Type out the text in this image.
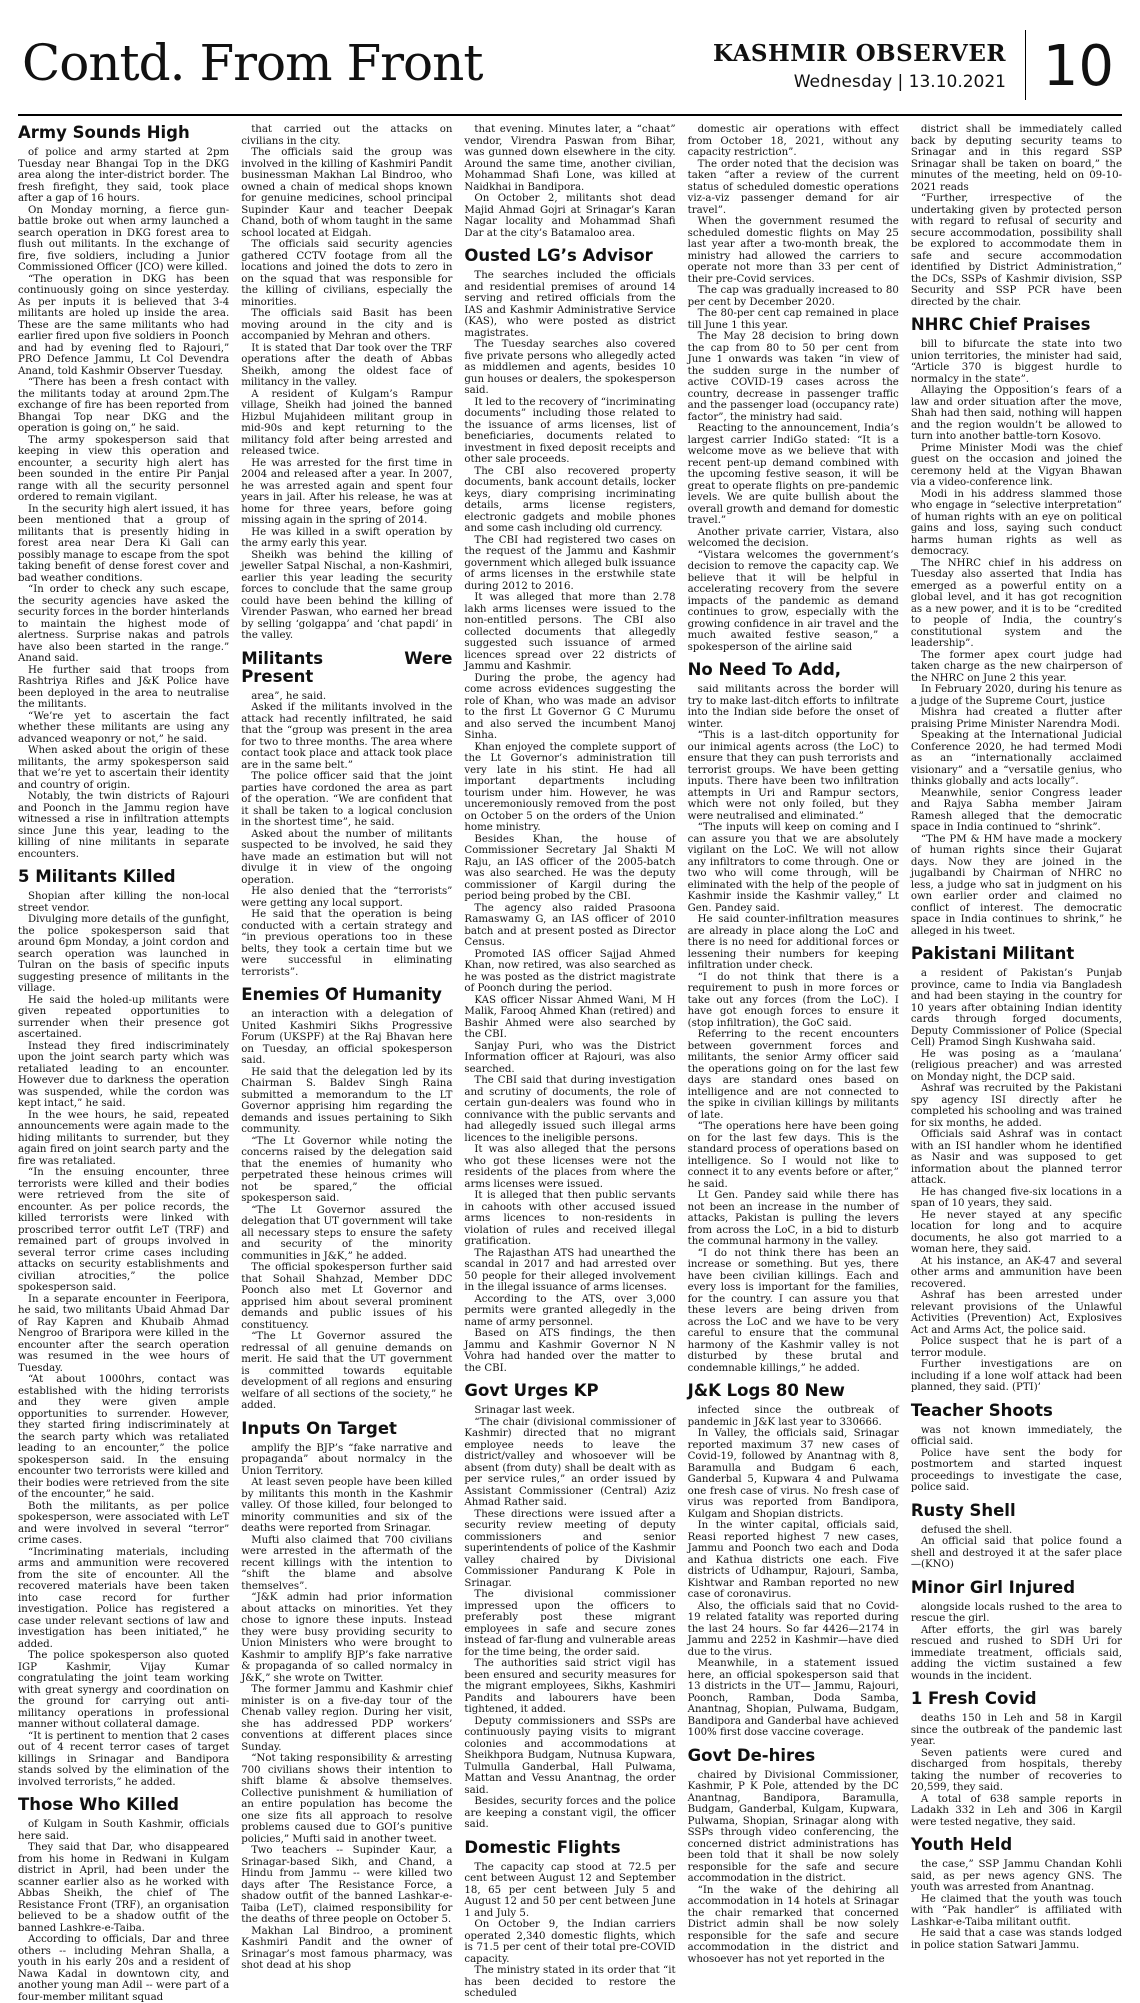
Contd. From Front	KASHMIR OBSERVER
Wednesday | 13.10.2021 10
Army Sounds High

of police and army started at 2pm Tuesday near Bhangai Top in the DKG area along the inter-district border. The fresh firefight, they said, took place after a gap of 16 hours.

On Monday morning, a fierce gun-battle broke out when army launched a search operation in DKG forest area to flush out militants. In the exchange of fire, five soldiers, including a Junior Commissioned Officer (JCO) were killed.

“The operation in DKG has been continuously going on since yesterday. As per inputs it is believed that 3-4 militants are holed up inside the area. These are the same militants who had earlier fired upon five soldiers in Poonch and had by evening fled to Rajouri,” PRO Defence Jammu, Lt Col Devendra Anand, told Kashmir Observer Tuesday.

“There has been a fresh contact with the militants today at around 2pm.The exchange of fire has been reported from Bhangai Top near DKG and the operation is going on,” he said.

The army spokesperson said that keeping in view this operation and encounter, a security high alert has been sounded in the entire Pir Panjal range with all the security personnel ordered to remain vigilant.

In the security high alert issued, it has been mentioned that a group of militants that is presently hiding in forest area near Dera Ki Gali can possibly manage to escape from the spot taking benefit of dense forest cover and bad weather conditions.

“In order to check any such escape, the security agencies have asked the security forces in the border hinterlands to maintain the highest mode of alertness. Surprise nakas and patrols have also been started in the range.” Anand said.

He further said that troops from Rashtriya Rifles and J&K Police have been deployed in the area to neutralise the militants.

“We’re yet to ascertain the fact whether these militants are using any advanced weaponry or not,” he said.

When asked about the origin of these militants, the army spokesperson said that we’re yet to ascertain their identity and country of origin.

Notably, the twin districts of Rajouri and Poonch in the Jammu region have witnessed a rise in infiltration attempts since June this year, leading to the killing of nine militants in separate encounters.

5 Militants Killed

Shopian after killing the non-local street vendor.

Divulging more details of the gunfight, the police spokesperson said that around 6pm Monday, a joint cordon and search operation was launched in Tulran on the basis of specific inputs suggesting presence of militants in the village.

He said the holed-up militants were given repeated opportunities to surrender when their presence got ascertained.

Instead they fired indiscriminately upon the joint search party which was retaliated leading to an encounter. However due to darkness the operation was suspended, while the cordon was kept intact,” he said.

In the wee hours, he said, repeated announcements were again made to the hiding militants to surrender, but they again fired on joint search party and the fire was retaliated.

“In the ensuing encounter, three terrorists were killed and their bodies were retrieved from the site of encounter. As per police records, the killed terrorists were linked with proscribed terror outfit LeT (TRF) and remained part of groups involved in several terror crime cases including attacks on security establishments and civilian atrocities,” the police spokesperson said.

In a separate encounter in Feeripora, he said, two militants Ubaid Ahmad Dar of Ray Kapren and Khubaib Ahmad Nengroo of Braripora were killed in the encounter after the search operation was resumed in the wee hours of Tuesday.

“At about 1000hrs, contact was established with the hiding terrorists and they were given ample opportunities to surrender. However, they started firing indiscriminately at the search party which was retaliated leading to an encounter,” the police spokesperson said. In the ensuing encounter two terrorists were killed and their bodies were retrieved from the site of the encounter,” he said.

Both the militants, as per police spokesperson, were associated with LeT and were involved in several “terror” crime cases.

“Incriminating materials, including arms and ammunition were recovered from the site of encounter. All the recovered materials have been taken into case record for further investigation. Police has registered a case under relevant sections of law and investigation has been initiated,” he added.

The police spokesperson also quoted IGP Kashmir, Vijay Kumar congratulating the joint team working with great synergy and coordination on the ground for carrying out anti-militancy operations in professional manner without collateral damage.

“It is pertinent to mention that 2 cases out of 4 recent terror cases of target killings in Srinagar and Bandipora stands solved by the elimination of the involved terrorists,” he added.

Those Who Killed

of Kulgam in South Kashmir, officials here said.

They said that Dar, who disappeared from his home in Redwani in Kulgam district in April, had been under the scanner earlier also as he worked with Abbas Sheikh, the chief of The Resistance Front (TRF), an organisation believed to be a shadow outfit of the banned Lashkre-e-Taiba.

According to officials, Dar and three others -- including Mehran Shalla, a youth in his early 20s and a resident of Nawa Kadal in downtown city, and another young man Adil -- were part of a four-member militant squad

that carried out the attacks on civilians in the city.

The officials said the group was involved in the killing of Kashmiri Pandit businessman Makhan Lal Bindroo, who owned a chain of medical shops known for genuine medicines, school principal Supinder Kaur and teacher Deepak Chand, both of whom taught in the same school located at Eidgah.

The officials said security agencies gathered CCTV footage from all the locations and joined the dots to zero in on the squad that was responsible for the killing of civilians, especially the minorities.

The officials said Basit has been moving around in the city and is accompanied by Mehran and others.

It is stated that Dar took over the TRF operations after the death of Abbas Sheikh, among the oldest face of militancy in the valley.

A resident of Kulgam’s Rampur village, Sheikh had joined the banned Hizbul Mujahideen militant group in mid-90s and kept returning to the militancy fold after being arrested and released twice.

He was arrested for the first time in 2004 and released after a year. In 2007, he was arrested again and spent four years in jail. After his release, he was at home for three years, before going missing again in the spring of 2014.

He was killed in a swift operation by the army early this year.

Sheikh was behind the killing of jeweller Satpal Nischal, a non-Kashmiri, earlier this year leading the security forces to conclude that the same group could have been behind the killing of Virender Paswan, who earned her bread by selling ‘golgappa’ and ‘chat papdi’ in the valley.

Militants Were Present

area”, he said.

Asked if the militants involved in the attack had recently infiltrated, he said that the “group was present in the area for two to three months. The area where contact took place and attack took place are in the same belt.”

The police officer said that the joint parties have cordoned the area as part of the operation. “We are confident that it shall be taken to a logical conclusion in the shortest time”, he said.

Asked about the number of militants suspected to be involved, he said they have made an estimation but will not divulge it in view of the ongoing operation.

He also denied that the “terrorists” were getting any local support.

He said that the operation is being conducted with a certain strategy and “in previous operations too in these belts, they took a certain time but we were successful in eliminating terrorists”.

Enemies Of Humanity

an interaction with a delegation of United Kashmiri Sikhs Progressive Forum (UKSPF) at the Raj Bhavan here on Tuesday, an official spokesperson said.

He said that the delegation led by its Chairman S. Baldev Singh Raina submitted a memorandum to the LT Governor apprising him regarding the demands and issues pertaining to Sikh community.

“The Lt Governor while noting the concerns raised by the delegation said that the enemies of humanity who perpetrated these heinous crimes will not be spared,” the official spokesperson said.

“The Lt Governor assured the delegation that UT government will take all necessary steps to ensure the safety and security of the minority communities in J&K,” he added.

The official spokesperson further said that Sohail Shahzad, Member DDC Poonch also met Lt Governor and apprised him about several prominent demands and public issues of his constituency.

“The Lt Governor assured the redressal of all genuine demands on merit. He said that the UT government is committed towards equitable development of all regions and ensuring welfare of all sections of the society,” he added.

Inputs On Target

amplify the BJP’s “fake narrative and propaganda” about normalcy in the Union Territory.

At least seven people have been killed by militants this month in the Kashmir valley. Of those killed, four belonged to minority communities and six of the deaths were reported from Srinagar.

Mufti also claimed that 700 civilians were arrested in the aftermath of the recent killings with the intention to “shift the blame and absolve themselves”.

“J&K admin had prior information about attacks on minorities. Yet they chose to ignore these inputs. Instead they were busy providing security to Union Ministers who were brought to Kashmir to amplify BJP’s fake narrative & propaganda of so called normalcy in J&K,” she wrote on Twitter.

The former Jammu and Kashmir chief minister is on a five-day tour of the Chenab valley region. During her visit, she has addressed PDP workers’ conventions at different places since Sunday.

“Not taking responsibility & arresting 700 civilians shows their intention to shift blame & absolve themselves. Collective punishment & humiliation of an entire population has become the one size fits all approach to resolve problems caused due to GOI’s punitive policies,” Mufti said in another tweet.

Two teachers -- Supinder Kaur, a Srinagar-based Sikh, and Chand, a Hindu from Jammu -- were killed two days after The Resistance Force, a shadow outfit of the banned Lashkar-e-Taiba (LeT), claimed responsibility for the deaths of three people on October 5.

Makhan Lal Bindroo, a prominent Kashmiri Pandit and the owner of Srinagar’s most famous pharmacy, was shot dead at his shop

that evening. Minutes later, a “chaat” vendor, Virendra Paswan from Bihar, was gunned down elsewhere in the city. Around the same time, another civilian, Mohammad Shafi Lone, was killed at Naidkhai in Bandipora.

On October 2, militants shot dead Majid Ahmad Gojri at Srinagar’s Karan Nagar locality and Mohammad Shafi Dar at the city’s Batamaloo area.

Ousted LG’s Advisor

The searches included the officials and residential premises of around 14 serving and retired officials from the IAS and Kashmir Administrative Service (KAS), who were posted as district magistrates.

The Tuesday searches also covered five private persons who allegedly acted as middlemen and agents, besides 10 gun houses or dealers, the spokesperson said.

It led to the recovery of “incriminating documents” including those related to the issuance of arms licenses, list of beneficiaries, documents related to investment in fixed deposit receipts and other sale proceeds.

The CBI also recovered property documents, bank account details, locker keys, diary comprising incriminating details, arms license registers, electronic gadgets and mobile phones and some cash including old currency.

The CBI had registered two cases on the request of the Jammu and Kashmir government which alleged bulk issuance of arms licenses in the erstwhile state during 2012 to 2016.

It was alleged that more than 2.78 lakh arms licenses were issued to the non-entitled persons. The CBI also collected documents that allegedly suggested such issuance of armed licences spread over 22 districts of Jammu and Kashmir.

During the probe, the agency had come across evidences suggesting the role of Khan, who was made an advisor to the first Lt Governor G C Murumu and also served the incumbent Manoj Sinha.

Khan enjoyed the complete support of the Lt Governor’s administration till very late in his stint. He had all important departments including tourism under him. However, he was unceremoniously removed from the post on October 5 on the orders of the Union home ministry.

Besides Khan, the house of Commissioner Secretary Jal Shakti M Raju, an IAS officer of the 2005-batch was also searched. He was the deputy commissioner of Kargil during the period being probed by the CBI.

The agency also raided Prasoona Ramaswamy G, an IAS officer of 2010 batch and at present posted as Director Census.

Promoted IAS officer Sajjad Ahmed Khan, now retired, was also searched as he was posted as the district magistrate of Poonch during the period.

KAS officer Nissar Ahmed Wani, M H Malik, Farooq Ahmed Khan (retired) and Bashir Ahmed were also searched by the CBI.

Sanjay Puri, who was the District Information officer at Rajouri, was also searched.

The CBI said that during investigation and scrutiny of documents, the role of certain gun-dealers was found who in connivance with the public servants and had allegedly issued such illegal arms licences to the ineligible persons.

It was also alleged that the persons who got these licenses were not the residents of the places from where the arms licenses were issued.

It is alleged that then public servants in cahoots with other accused issued arms licences to non-residents in violation of rules and received illegal gratification.

The Rajasthan ATS had unearthed the scandal in 2017 and had arrested over 50 people for their alleged involvement in the illegal issuance of arms licenses.

According to the ATS, over 3,000 permits were granted allegedly in the name of army personnel.

Based on ATS findings, the then Jammu and Kashmir Governor N N Vohra had handed over the matter to the CBI.

Govt Urges KP

Srinagar last week.

“The chair (divisional commissioner of Kashmir) directed that no migrant employee needs to leave the district/valley and whosoever will be absent (from duty) shall be dealt with as per service rules,” an order issued by Assistant Commissioner (Central) Aziz Ahmad Rather said.

These directions were issued after a security review meeting of deputy commissioners and senior superintendents of police of the Kashmir valley chaired by Divisional Commissioner Pandurang K Pole in Srinagar.

The divisional commissioner impressed upon the officers to preferably post these migrant employees in safe and secure zones instead of far-flung and vulnerable areas for the time being, the order said.

The authorities said strict vigil has been ensured and security measures for the migrant employees, Sikhs, Kashmiri Pandits and labourers have been tightened, it added.

Deputy commissioners and SSPs are continuously paying visits to migrant colonies and accommodations at Sheikhpora Budgam, Nutnusa Kupwara, Tulmulla Ganderbal, Hall Pulwama, Mattan and Vessu Anantnag, the order said.

Besides, security forces and the police are keeping a constant vigil, the officer said.

Domestic Flights

The capacity cap stood at 72.5 per cent between August 12 and September 18, 65 per cent between July 5 and August 12 and 50 per cent between June 1 and July 5.

On October 9, the Indian carriers operated 2,340 domestic flights, which is 71.5 per cent of their total pre-COVID capacity.

The ministry stated in its order that “it has been decided to restore the scheduled

domestic air operations with effect from October 18, 2021, without any capacity restriction”.

The order noted that the decision was taken “after a review of the current status of scheduled domestic operations viz-a-viz passenger demand for air travel”.

When the government resumed the scheduled domestic flights on May 25 last year after a two-month break, the ministry had allowed the carriers to operate not more than 33 per cent of their pre-Covid services.

The cap was gradually increased to 80 per cent by December 2020.

The 80-per cent cap remained in place till June 1 this year.

The May 28 decision to bring down the cap from 80 to 50 per cent from June 1 onwards was taken “in view of the sudden surge in the number of active COVID-19 cases across the country, decrease in passenger traffic and the passenger load (occupancy rate) factor”, the ministry had said.

Reacting to the announcement, India’s largest carrier IndiGo stated: “It is a welcome move as we believe that with recent pent-up demand combined with the upcoming festive season, it will be great to operate flights on pre-pandemic levels. We are quite bullish about the overall growth and demand for domestic travel.”

Another private carrier, Vistara, also welcomed the decision.

“Vistara welcomes the government’s decision to remove the capacity cap. We believe that it will be helpful in accelerating recovery from the severe impacts of the pandemic as demand continues to grow, especially with the growing confidence in air travel and the much awaited festive season,” a spokesperson of the airline said

No Need To Add,

said militants across the border will try to make last-ditch efforts to infiltrate into the Indian side before the onset of winter.

“This is a last-ditch opportunity for our inimical agents across (the LoC) to ensure that they can push terrorists and terrorist groups. We have been getting inputs. There have been two infiltration attempts in Uri and Rampur sectors, which were not only foiled, but they were neutralised and eliminated.”

“The inputs will keep on coming and I can assure you that we are absolutely vigilant on the LoC. We will not allow any infiltrators to come through. One or two who will come through, will be eliminated with the help of the people of Kashmir inside the Kashmir valley,” Lt Gen. Pandey said.

He said counter-infiltration measures are already in place along the LoC and there is no need for additional forces or lessening their numbers for keeping infiltration under check.

“I do not think that there is a requirement to push in more forces or take out any forces (from the LoC). I have got enough forces to ensure it (stop infiltration), the GoC said.

Referring to the recent encounters between government forces and militants, the senior Army officer said the operations going on for the last few days are standard ones based on intelligence and are not connected to the spike in civilian killings by militants of late.

“The operations here have been going on for the last few days. This is the standard process of operations based on intelligence. So I would not like to connect it to any events before or after,” he said.

Lt Gen. Pandey said while there has not been an increase in the number of attacks, Pakistan is pulling the levers from across the LoC, in a bid to disturb the communal harmony in the valley.

“I do not think there has been an increase or something. But yes, there have been civilian killings. Each and every loss is important for the families, for the country. I can assure you that these levers are being driven from across the LoC and we have to be very careful to ensure that the communal harmony of the Kashmir valley is not disturbed by these brutal and condemnable killings,” he added.

J&K Logs 80 New

infected since the outbreak of pandemic in J&K last year to 330666.

In Valley, the officials said, Srinagar reported maximum 37 new cases of Covid-19, followed by Anantnag with 8, Baramulla and Budgam 6 each, Ganderbal 5, Kupwara 4 and Pulwama one fresh case of virus. No fresh case of virus was reported from Bandipora, Kulgam and Shopian districts.

In the winter capital, officials said, Reasi reported highest 7 new cases, Jammu and Poonch two each and Doda and Kathua districts one each. Five districts of Udhampur, Rajouri, Samba, Kishtwar and Ramban reported no new case of coronavirus.

Also, the officials said that no Covid-19 related fatality was reported during the last 24 hours. So far 4426—2174 in Jammu and 2252 in Kashmir—have died due to the virus.

Meanwhile, in a statement issued here, an official spokesperson said that 13 districts in the UT— Jammu, Rajouri, Poonch, Ramban, Doda Samba, Anantnag, Shopian, Pulwama, Budgam, Bandipora and Ganderbal have achieved 100% first dose vaccine coverage.

Govt De-hires

chaired by Divisional Commissioner, Kashmir, P K Pole, attended by the DC Anantnag, Bandipora, Baramulla, Budgam, Ganderbal, Kulgam, Kupwara, Pulwama, Shopian, Srinagar along with SSPs through video conferencing, the concerned district administrations has been told that it shall be now solely responsible for the safe and secure accommodation in the district.

“In the wake of the dehiring all accommodation in 14 hotels at Srinagar the chair remarked that concerned District admin shall be now solely responsible for the safe and secure accommodation in the district and whosoever has not yet reported in the

district shall be immediately called back by deputing security teams to Srinagar and in this regard SSP Srinagar shall be taken on board,” the minutes of the meeting, held on 09-10-2021 reads

“Further, irrespective of the undertaking given by protected person with regard to refusal of security and secure accommodation, possibility shall be explored to accommodate them in safe and secure accommodation identified by District Administration,” the DCs, SSPs of Kashmir division, SSP Security and SSP PCR have been directed by the chair.

NHRC Chief Praises

bill to bifurcate the state into two union territories, the minister had said, “Article 370 is biggest hurdle to normalcy in the state”.

Allaying the Opposition’s fears of a law and order situation after the move, Shah had then said, nothing will happen and the region wouldn’t be allowed to turn into another battle-torn Kosovo.

Prime Minister Modi was the chief guest on the occasion and joined the ceremony held at the Vigyan Bhawan via a video-conference link.

Modi in his address slammed those who engage in “selective interpretation” of human rights with an eye on political gains and loss, saying such conduct harms human rights as well as democracy.

The NHRC chief in his address on Tuesday also asserted that India has emerged as a powerful entity on a global level, and it has got recognition as a new power, and it is to be “credited to people of India, the country’s constitutional system and the leadership”.

The former apex court judge had taken charge as the new chairperson of the NHRC on June 2 this year.

In February 2020, during his tenure as a judge of the Supreme Court, justice

Mishra had created a flutter after praising Prime Minister Narendra Modi.

Speaking at the International Judicial Conference 2020, he had termed Modi as an “internationally acclaimed visionary” and a “versatile genius, who thinks globally and acts locally”.

Meanwhile, senior Congress leader and Rajya Sabha member Jairam Ramesh alleged that the democratic space in India continued to “shrink”.

“The PM & HM have made a mockery of human rights since their Gujarat days. Now they are joined in the jugalbandi by Chairman of NHRC no less, a judge who sat in judgment on his own earlier order and claimed no conflict of interest. The democratic space in India continues to shrink,” he alleged in his tweet.

Pakistani Militant

a resident of Pakistan’s Punjab province, came to India via Bangladesh and had been staying in the country for 10 years after obtaining Indian identity cards through forged documents, Deputy Commissioner of Police (Special Cell) Pramod Singh Kushwaha said.

He was posing as a ‘maulana’ (religious preacher) and was arrested on Monday night, the DCP said.

Ashraf was recruited by the Pakistani spy agency ISI directly after he completed his schooling and was trained for six months, he added.

Officials said Ashraf was in contact with an ISI handler whom he identified as Nasir and was supposed to get information about the planned terror attack.

He has changed five-six locations in a span of 10 years, they said.

He never stayed at any specific location for long and to acquire documents, he also got married to a woman here, they said.

At his instance, an AK-47 and several other arms and ammunition have been recovered.

Ashraf has been arrested under relevant provisions of the Unlawful Activities (Prevention) Act, Explosives Act and Arms Act, the police said.

Police suspect that he is part of a terror module.

Further investigations are on including if a lone wolf attack had been planned, they said. (PTI)’

Teacher Shoots

was not known immediately, the official said.

Police have sent the body for postmortem and started inquest proceedings to investigate the case, police said.

Rusty Shell

defused the shell.

An official said that police found a shell and destroyed it at the safer place—(KNO)

Minor Girl Injured

alongside locals rushed to the area to rescue the girl.

After efforts, the girl was barely rescued and rushed to SDH Uri for immediate treatment, officials said, adding the victim sustained a few wounds in the incident.

1 Fresh Covid

deaths 150 in Leh and 58 in Kargil since the outbreak of the pandemic last year.

Seven patients were cured and discharged from hospitals, thereby taking the number of recoveries to 20,599, they said.

A total of 638 sample reports in Ladakh 332 in Leh and 306 in Kargil were tested negative, they said.

Youth Held

the case,” SSP Jammu Chandan Kohli said, as per news agency GNS. The youth was arrested from Anantnag.

He claimed that the youth was touch with “Pak handler” is affiliated with Lashkar-e-Taiba militant outfit.

He said that a case was stands lodged in police station Satwari Jammu.
